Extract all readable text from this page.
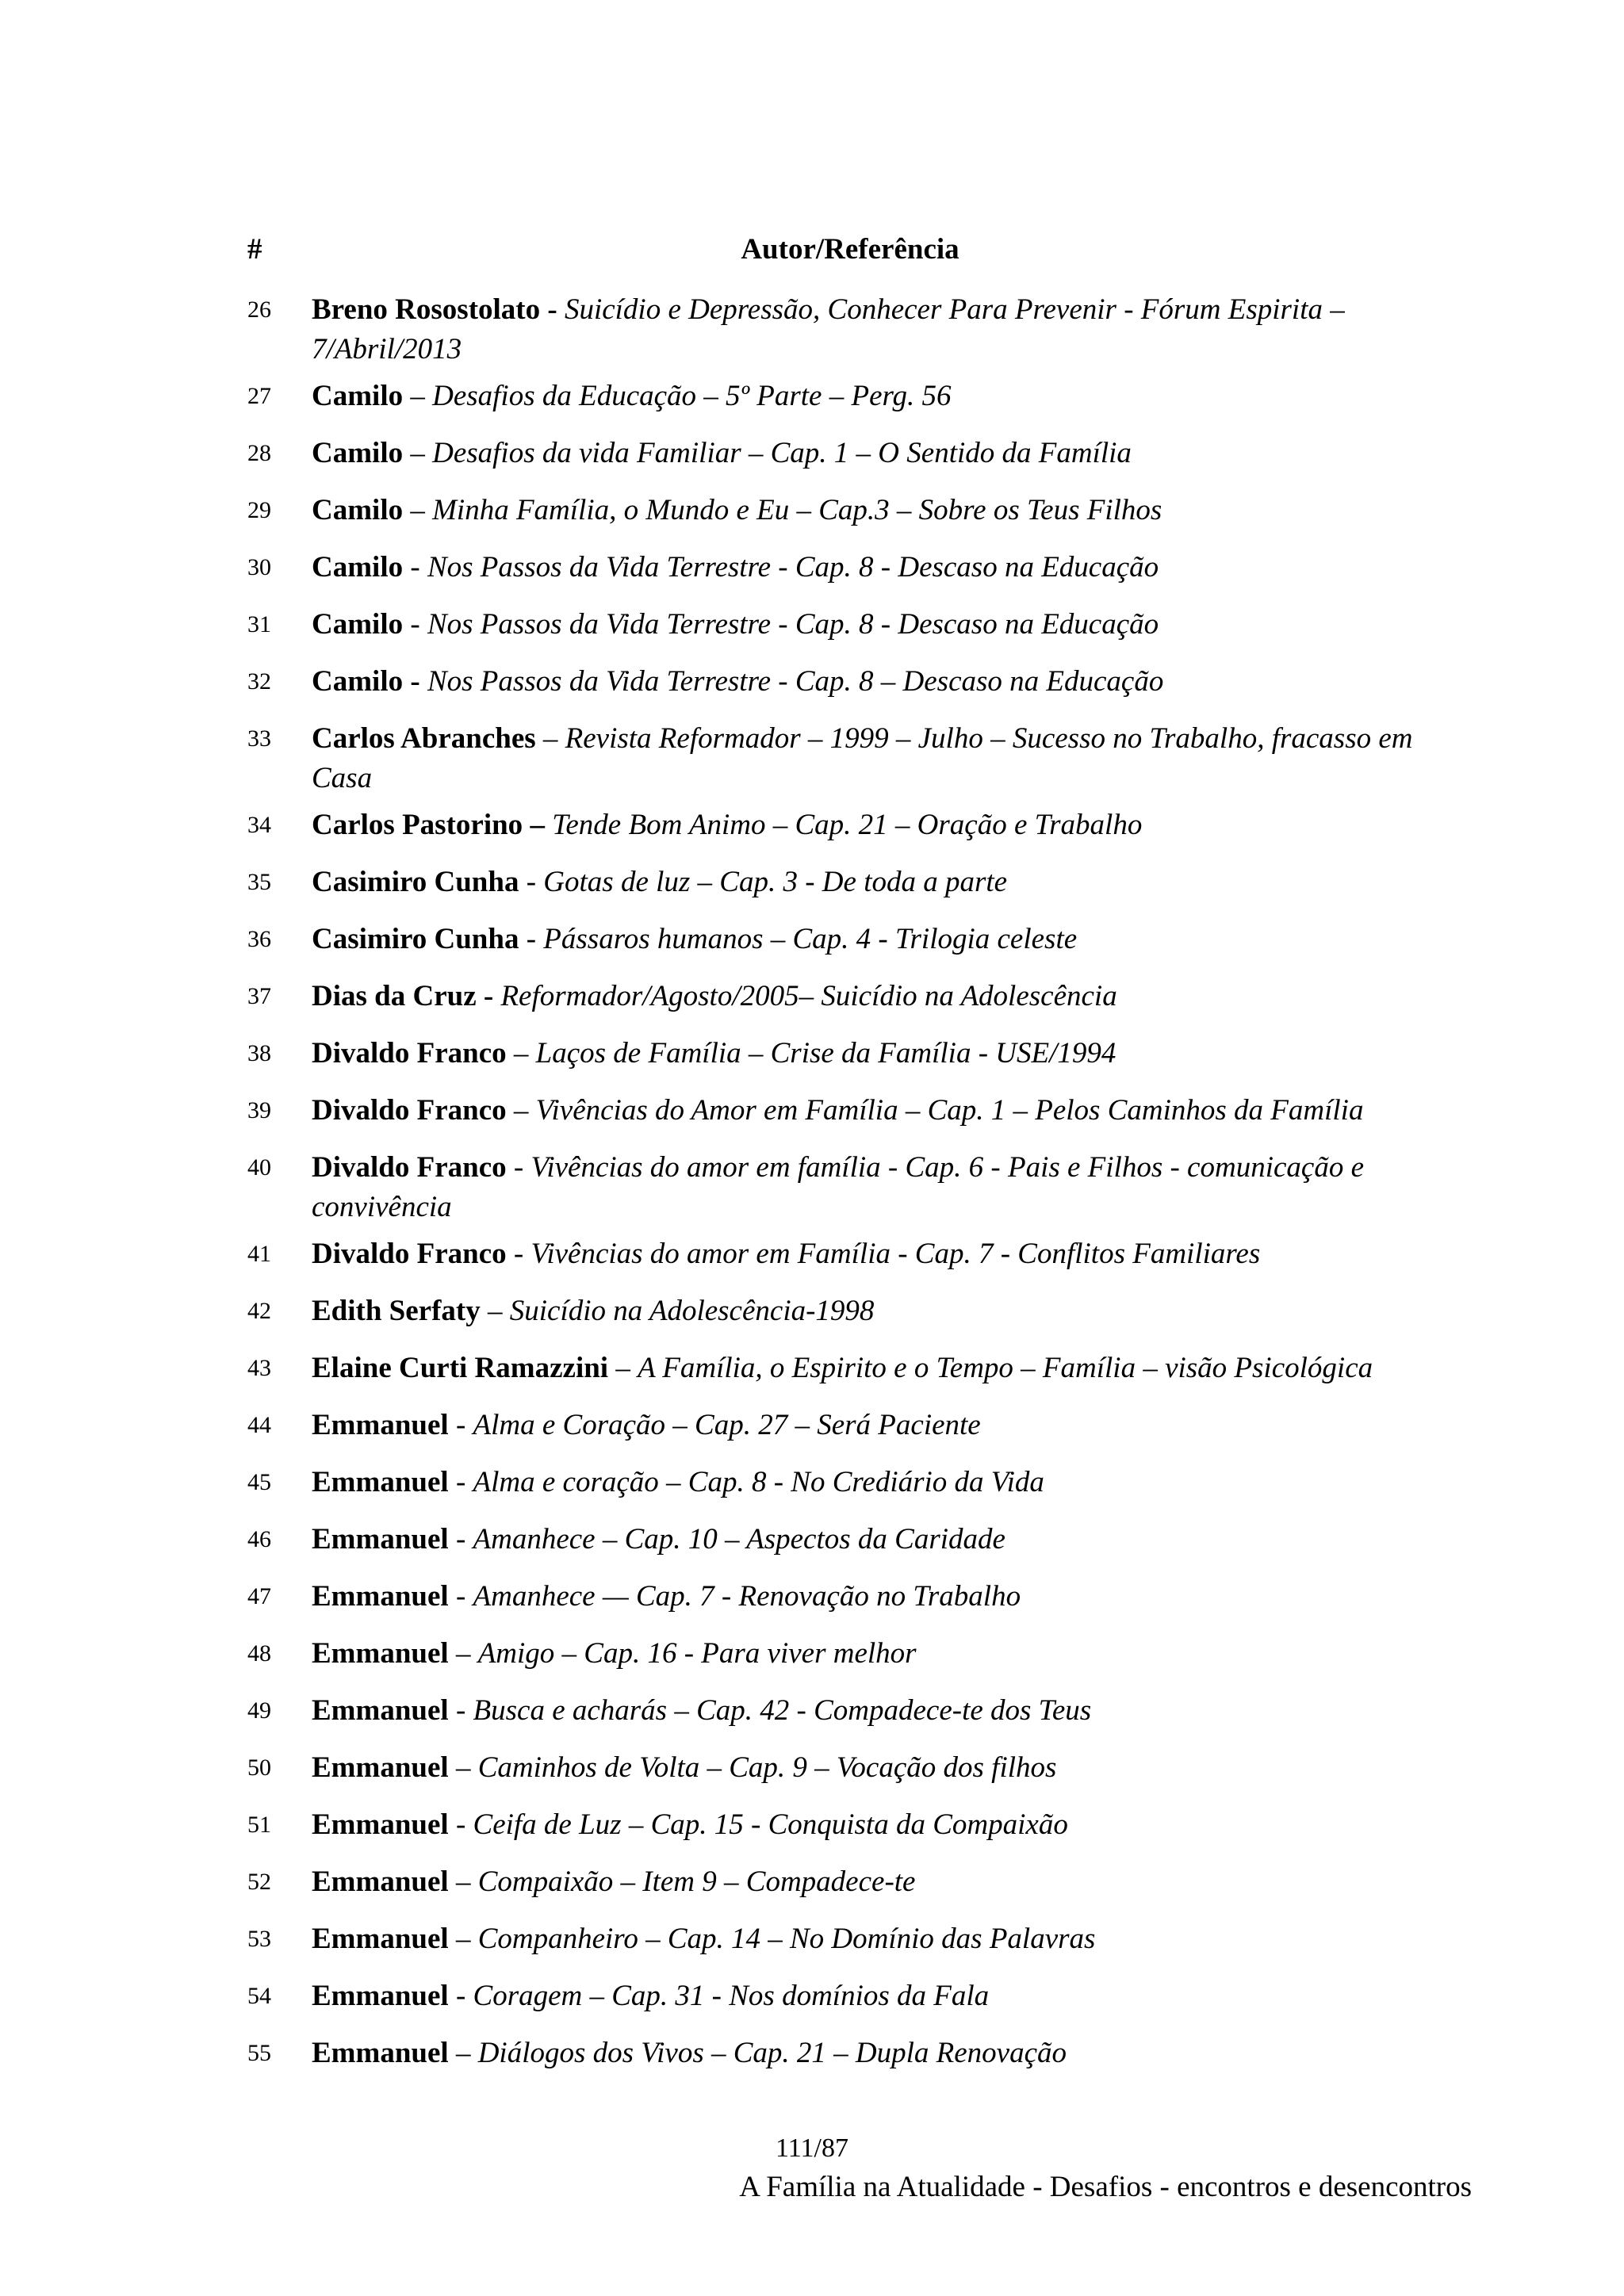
#	Autor/Referência
26 Breno Rosostolato - Suicídio e Depressão, Conhecer Para Prevenir - Fórum Espirita – 7/Abril/2013
27 Camilo – Desafios da Educação – 5º Parte – Perg. 56
28 Camilo – Desafios da vida Familiar – Cap. 1 – O Sentido da Família
29 Camilo – Minha Família, o Mundo e Eu – Cap.3 – Sobre os Teus Filhos
30 Camilo - Nos Passos da Vida Terrestre - Cap. 8 - Descaso na Educação
31 Camilo - Nos Passos da Vida Terrestre - Cap. 8 - Descaso na Educação
32 Camilo - Nos Passos da Vida Terrestre - Cap. 8 – Descaso na Educação
33 Carlos Abranches – Revista Reformador – 1999 – Julho – Sucesso no Trabalho, fracasso em Casa
34 Carlos Pastorino – Tende Bom Animo – Cap. 21 – Oração e Trabalho
35 Casimiro Cunha - Gotas de luz – Cap. 3 - De toda a parte
36 Casimiro Cunha - Pássaros humanos – Cap. 4 - Trilogia celeste
37 Dias da Cruz - Reformador/Agosto/2005– Suicídio na Adolescência
38 Divaldo Franco – Laços de Família – Crise da Família - USE/1994
39 Divaldo Franco – Vivências do Amor em Família – Cap. 1 – Pelos Caminhos da Família
40 Divaldo Franco - Vivências do amor em família - Cap. 6 - Pais e Filhos - comunicação e convivência
41 Divaldo Franco - Vivências do amor em Família - Cap. 7 - Conflitos Familiares
42 Edith Serfaty – Suicídio na Adolescência-1998
43 Elaine Curti Ramazzini – A Família, o Espirito e o Tempo – Família – visão Psicológica
44 Emmanuel - Alma e Coração – Cap. 27 – Será Paciente
45 Emmanuel - Alma e coração – Cap. 8 - No Crediário da Vida
46 Emmanuel - Amanhece – Cap. 10 – Aspectos da Caridade
47 Emmanuel - Amanhece — Cap. 7 - Renovação no Trabalho
48 Emmanuel – Amigo – Cap. 16 - Para viver melhor
49 Emmanuel - Busca e acharás – Cap. 42 - Compadece-te dos Teus
50 Emmanuel – Caminhos de Volta – Cap. 9 – Vocação dos filhos
51 Emmanuel - Ceifa de Luz – Cap. 15 - Conquista da Compaixão
52 Emmanuel – Compaixão – Item 9 – Compadece-te
53 Emmanuel – Companheiro – Cap. 14 – No Domínio das Palavras
54 Emmanuel - Coragem – Cap. 31 - Nos domínios da Fala
55 Emmanuel – Diálogos dos Vivos – Cap. 21 – Dupla Renovação
111/87
A Família na Atualidade - Desafios - encontros e desencontros
